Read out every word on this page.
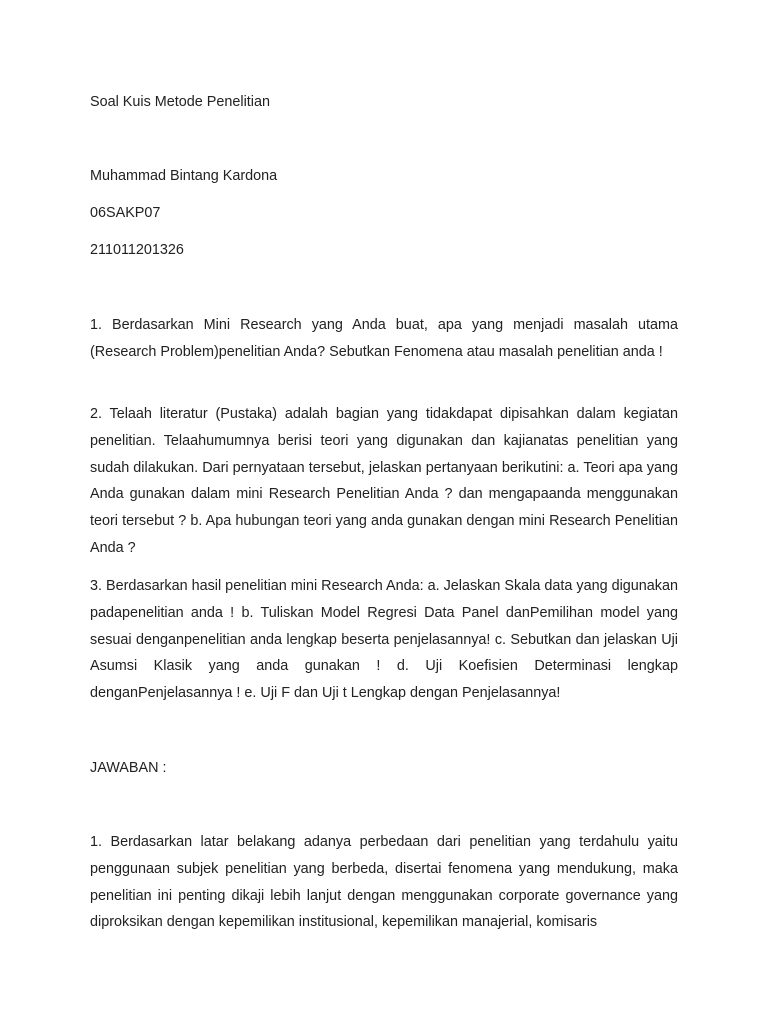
Soal Kuis Metode Penelitian

Muhammad Bintang Kardona

06SAKP07

211011201326

1. Berdasarkan Mini Research yang Anda buat, apa yang menjadi masalah utama (Research Problem)penelitian Anda? Sebutkan Fenomena atau masalah penelitian anda !

2. Telaah literatur (Pustaka) adalah bagian yang tidakdapat dipisahkan dalam kegiatan penelitian. Telaahumumnya berisi teori yang digunakan dan kajianatas penelitian yang sudah dilakukan. Dari pernyataan tersebut, jelaskan pertanyaan berikutini: a. Teori apa yang Anda gunakan dalam mini Research Penelitian Anda ? dan mengapaanda menggunakan teori tersebut ? b. Apa hubungan teori yang anda gunakan dengan mini Research Penelitian Anda ?

3. Berdasarkan hasil penelitian mini Research Anda: a. Jelaskan Skala data yang digunakan padapenelitian anda ! b. Tuliskan Model Regresi Data Panel danPemilihan model yang sesuai denganpenelitian anda lengkap beserta penjelasannya! c. Sebutkan dan jelaskan Uji Asumsi Klasik yang anda gunakan ! d. Uji Koefisien Determinasi lengkap denganPenjelasannya ! e. Uji F dan Uji t Lengkap dengan Penjelasannya!

JAWABAN :

1. Berdasarkan latar belakang adanya perbedaan dari penelitian yang terdahulu yaitu penggunaan subjek penelitian yang berbeda, disertai fenomena yang mendukung, maka penelitian ini penting dikaji lebih lanjut dengan menggunakan corporate governance yang diproksikan dengan kepemilikan institusional, kepemilikan manajerial, komisaris
